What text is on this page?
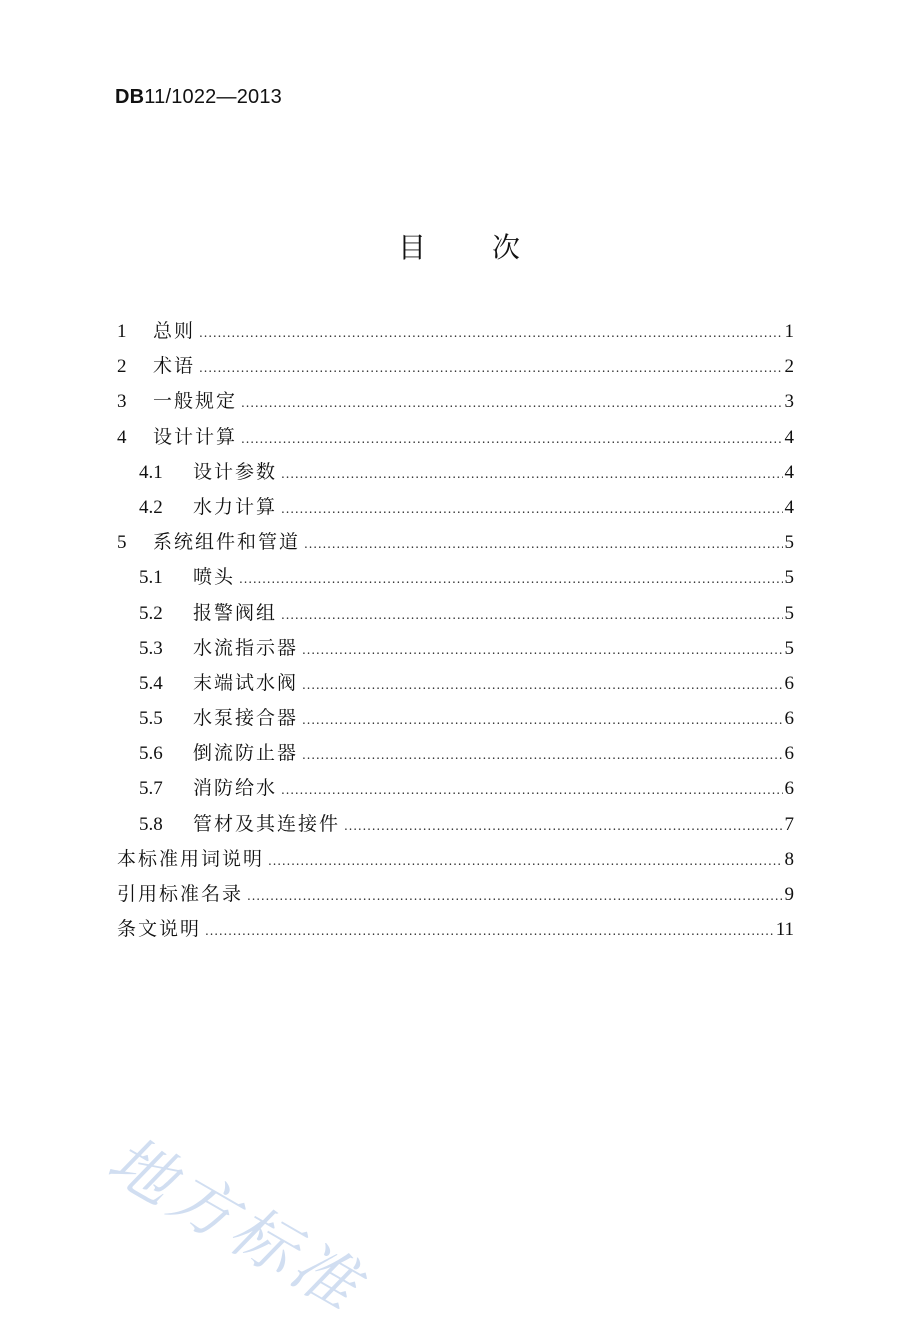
DB11/1022—2013
目 次
1	总则 . . .	1
2	术语 . . .	2
3	一般规定 . . .	3
4	设计计算 . . .	4
4.1	设计参数 . . .	4
4.2	水力计算 . . .	4
5	系统组件和管道 . . .	5
5.1	喷头 . . .	5
5.2	报警阀组 . . .	5
5.3	水流指示器 . . .	5
5.4	末端试水阀 . . .	6
5.5	水泵接合器 . . .	6
5.6	倒流防止器 . . .	6
5.7	消防给水 . . .	6
5.8	管材及其连接件 . . .	7
本标准用词说明 . . .	8
引用标准名录 . . .	9
条文说明 . . .	11
地方标准
